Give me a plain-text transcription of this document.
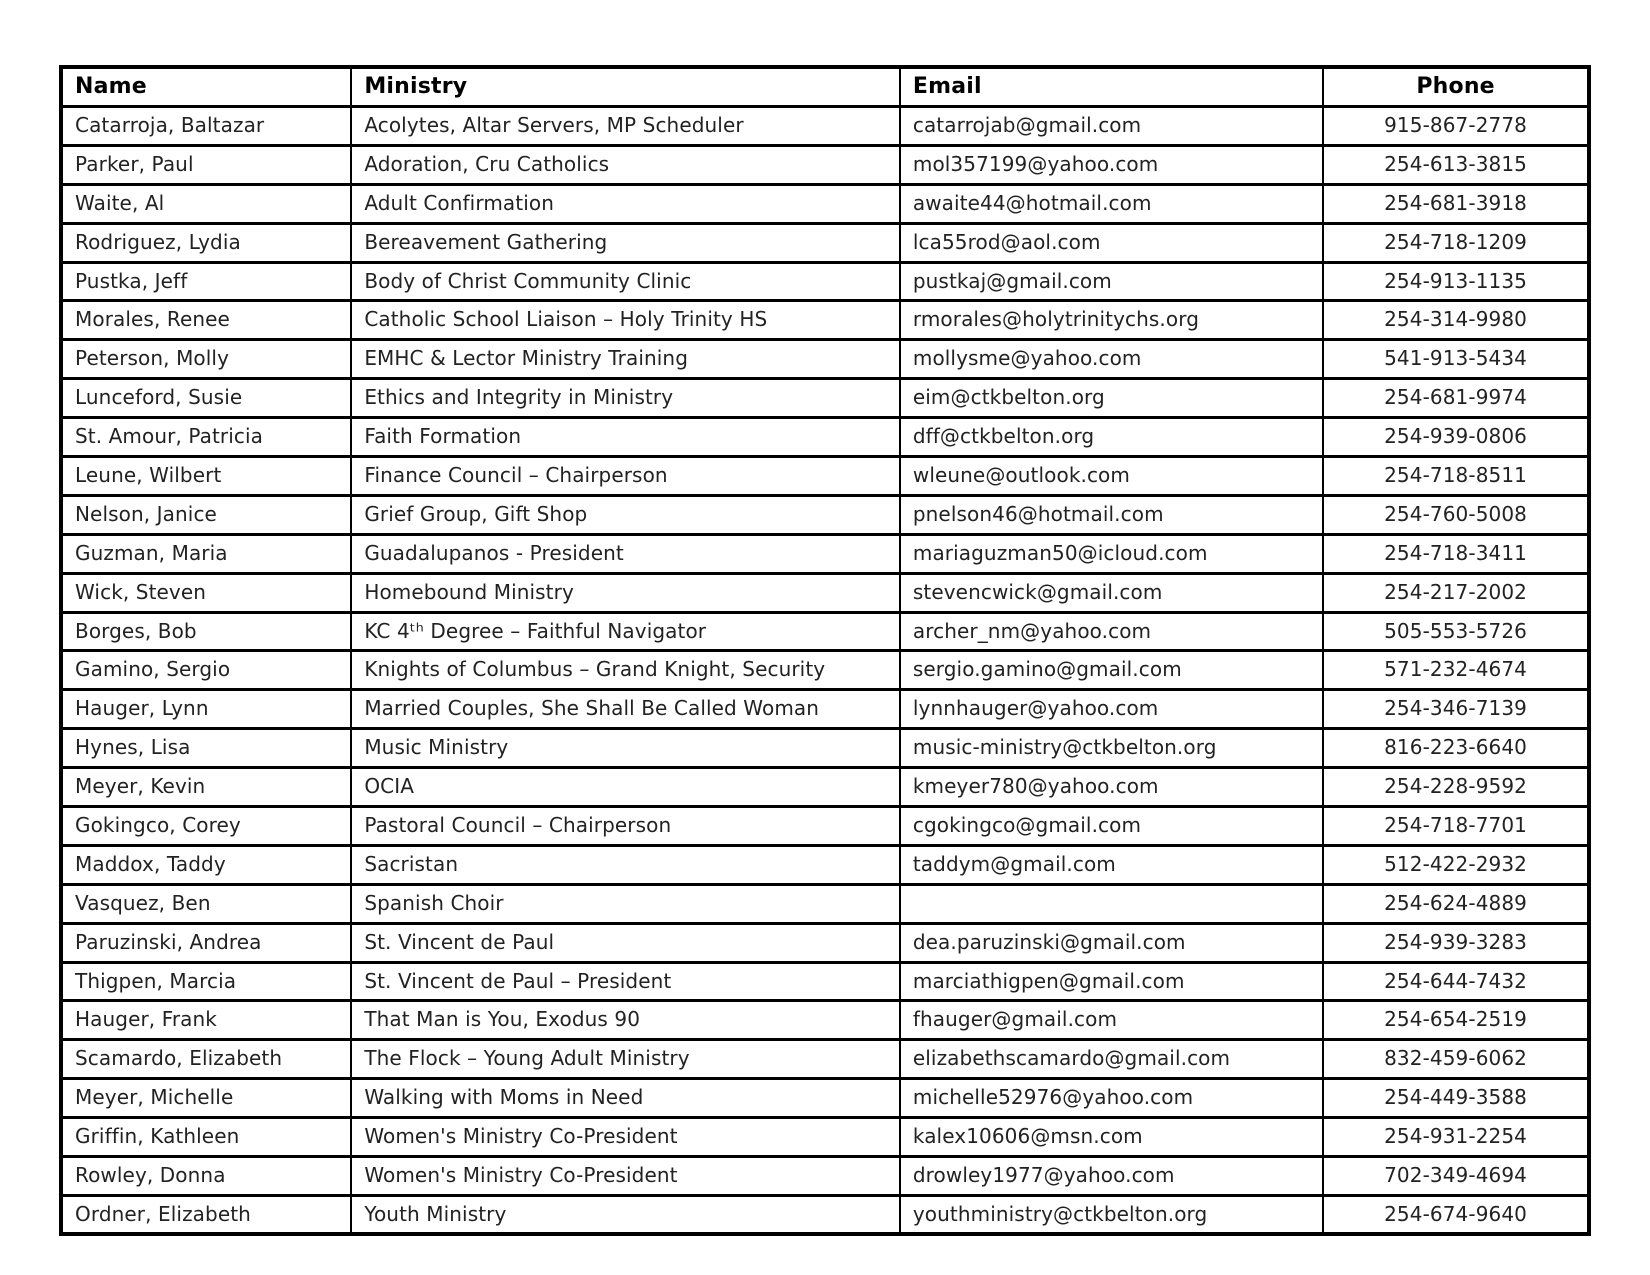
Name	Ministry	Email	Phone
Catarroja, Baltazar	Acolytes, Altar Servers, MP Scheduler	catarrojab@gmail.com	915-867-2778
Parker, Paul	Adoration, Cru Catholics	mol357199@yahoo.com	254-613-3815
Waite, Al	Adult Confirmation	awaite44@hotmail.com	254-681-3918
Rodriguez, Lydia	Bereavement Gathering	lca55rod@aol.com	254-718-1209
Pustka, Jeff	Body of Christ Community Clinic	pustkaj@gmail.com	254-913-1135
Morales, Renee	Catholic School Liaison – Holy Trinity HS	rmorales@holytrinitychs.org	254-314-9980
Peterson, Molly	EMHC & Lector Ministry Training	mollysme@yahoo.com	541-913-5434
Lunceford, Susie	Ethics and Integrity in Ministry	eim@ctkbelton.org	254-681-9974
St. Amour, Patricia	Faith Formation	dff@ctkbelton.org	254-939-0806
Leune, Wilbert	Finance Council – Chairperson	wleune@outlook.com	254-718-8511
Nelson, Janice	Grief Group, Gift Shop	pnelson46@hotmail.com	254-760-5008
Guzman, Maria	Guadalupanos - President	mariaguzman50@icloud.com	254-718-3411
Wick, Steven	Homebound Ministry	stevencwick@gmail.com	254-217-2002
Borges, Bob	KC 4ᵗʰ Degree – Faithful Navigator	archer_nm@yahoo.com	505-553-5726
Gamino, Sergio	Knights of Columbus – Grand Knight, Security	sergio.gamino@gmail.com	571-232-4674
Hauger, Lynn	Married Couples, She Shall Be Called Woman	lynnhauger@yahoo.com	254-346-7139
Hynes, Lisa	Music Ministry	music-ministry@ctkbelton.org	816-223-6640
Meyer, Kevin	OCIA	kmeyer780@yahoo.com	254-228-9592
Gokingco, Corey	Pastoral Council – Chairperson	cgokingco@gmail.com	254-718-7701
Maddox, Taddy	Sacristan	taddym@gmail.com	512-422-2932
Vasquez, Ben	Spanish Choir		254-624-4889
Paruzinski, Andrea	St. Vincent de Paul	dea.paruzinski@gmail.com	254-939-3283
Thigpen, Marcia	St. Vincent de Paul – President	marciathigpen@gmail.com	254-644-7432
Hauger, Frank	That Man is You, Exodus 90	fhauger@gmail.com	254-654-2519
Scamardo, Elizabeth	The Flock – Young Adult Ministry	elizabethscamardo@gmail.com	832-459-6062
Meyer, Michelle	Walking with Moms in Need	michelle52976@yahoo.com	254-449-3588
Griffin, Kathleen	Women's Ministry Co-President	kalex10606@msn.com	254-931-2254
Rowley, Donna	Women's Ministry Co-President	drowley1977@yahoo.com	702-349-4694
Ordner, Elizabeth	Youth Ministry	youthministry@ctkbelton.org	254-674-9640
